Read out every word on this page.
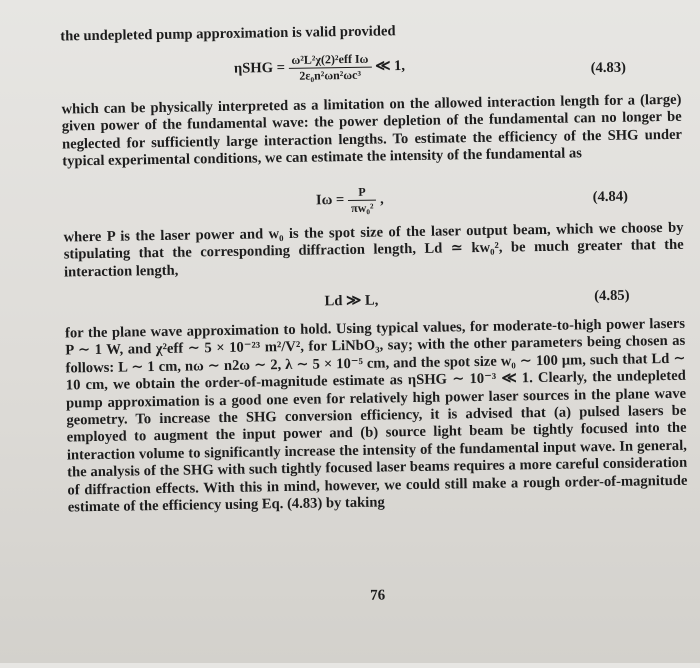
the undepleted pump approximation is valid provided

$\eta SHG = \frac{\text{ω²L²χ(2)²eff Iω}}{\text{2ε₀n²ωn²ωc³}}$ ≪ 1,	(4.83)

which can be physically interpreted as a limitation on the allowed interaction length for a (large) given power of the fundamental wave: the power depletion of the fundamental can no longer be neglected for sufficiently large interaction lengths. To estimate the efficiency of the SHG under typical experimental conditions, we can estimate the intensity of the fundamental as

$I\omega = \frac{P}{\text{πw₀²}}$ ,	(4.84)

where P is the laser power and w₀ is the spot size of the laser output beam, which we choose by stipulating that the corresponding diffraction length, Ld ≃ kw₀², be much greater that the interaction length,

Ld ≫ L,	(4.85)

for the plane wave approximation to hold. Using typical values, for moderate-to-high power lasers P ∼ 1 W, and χ²eff ∼ 5 × 10⁻²³ m²/V², for LiNbO₃, say; with the other parameters being chosen as follows: L ∼ 1 cm, nω ∼ n2ω ∼ 2, λ ∼ 5 × 10⁻⁵ cm, and the spot size w₀ ∼ 100 μm, such that Ld ∼ 10 cm, we obtain the order-of-magnitude estimate as ηSHG ∼ 10⁻³ ≪ 1. Clearly, the undepleted pump approximation is a good one even for relatively high power laser sources in the plane wave geometry. To increase the SHG conversion efficiency, it is advised that (a) pulsed lasers be employed to augment the input power and (b) source light beam be tightly focused into the interaction volume to significantly increase the intensity of the fundamental input wave. In general, the analysis of the SHG with such tightly focused laser beams requires a more careful consideration of diffraction effects. With this in mind, however, we could still make a rough order-of-magnitude estimate of the efficiency using Eq. (4.83) by taking

76
